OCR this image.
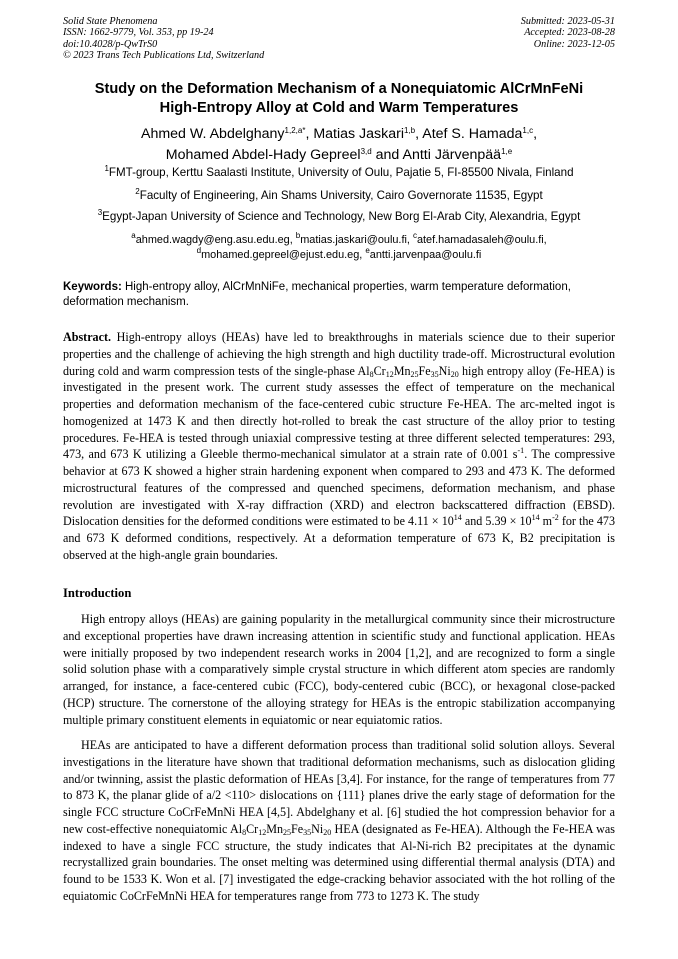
Solid State Phenomena
ISSN: 1662-9779, Vol. 353, pp 19-24
doi:10.4028/p-QwTrS0
© 2023 Trans Tech Publications Ltd, Switzerland
Submitted: 2023-05-31
Accepted: 2023-08-28
Online: 2023-12-05
Study on the Deformation Mechanism of a Nonequiatomic AlCrMnFeNi
High-Entropy Alloy at Cold and Warm Temperatures
Ahmed W. Abdelghany$^{1,2,a*}$, Matias Jaskari$^{1,b}$, Atef S. Hamada$^{1,c}$,
Mohamed Abdel-Hady Gepreel$^{3,d}$ and Antti Järvenpää$^{1,e}$
$^1$FMT-group, Kerttu Saalasti Institute, University of Oulu, Pajatie 5, FI-85500 Nivala, Finland
$^2$Faculty of Engineering, Ain Shams University, Cairo Governorate 11535, Egypt
$^3$Egypt-Japan University of Science and Technology, New Borg El-Arab City, Alexandria, Egypt
$^a$ahmed.wagdy@eng.asu.edu.eg, $^b$matias.jaskari@oulu.fi, $^c$atef.hamadasaleh@oulu.fi,
$^d$mohamed.gepreel@ejust.edu.eg, $^e$antti.jarvenpaa@oulu.fi
Keywords: High-entropy alloy, AlCrMnNiFe, mechanical properties, warm temperature deformation, deformation mechanism.
Abstract. High-entropy alloys (HEAs) have led to breakthroughs in materials science due to their superior properties and the challenge of achieving the high strength and high ductility trade-off. Microstructural evolution during cold and warm compression tests of the single-phase $Al_8Cr_{12}Mn_{25}Fe_{35}Ni_{20}$ high entropy alloy (Fe-HEA) is investigated in the present work. The current study assesses the effect of temperature on the mechanical properties and deformation mechanism of the face-centered cubic structure Fe-HEA. The arc-melted ingot is homogenized at 1473 K and then directly hot-rolled to break the cast structure of the alloy prior to testing procedures. Fe-HEA is tested through uniaxial compressive testing at three different selected temperatures: 293, 473, and 673 K utilizing a Gleeble thermo-mechanical simulator at a strain rate of 0.001 $s^{-1}$. The compressive behavior at 673 K showed a higher strain hardening exponent when compared to 293 and 473 K. The deformed microstructural features of the compressed and quenched specimens, deformation mechanism, and phase revolution are investigated with X-ray diffraction (XRD) and electron backscattered diffraction (EBSD). Dislocation densities for the deformed conditions were estimated to be $4.11 \times 10^{14}$ and $5.39 \times 10^{14}$ $m^{-2}$ for the 473 and 673 K deformed conditions, respectively. At a deformation temperature of 673 K, B2 precipitation is observed at the high-angle grain boundaries.
Introduction
High entropy alloys (HEAs) are gaining popularity in the metallurgical community since their microstructure and exceptional properties have drawn increasing attention in scientific study and functional application. HEAs were initially proposed by two independent research works in 2004 [1,2], and are recognized to form a single solid solution phase with a comparatively simple crystal structure in which different atom species are randomly arranged, for instance, a face-centered cubic (FCC), body-centered cubic (BCC), or hexagonal close-packed (HCP) structure. The cornerstone of the alloying strategy for HEAs is the entropic stabilization accompanying multiple primary constituent elements in equiatomic or near equiatomic ratios.
HEAs are anticipated to have a different deformation process than traditional solid solution alloys. Several investigations in the literature have shown that traditional deformation mechanisms, such as dislocation gliding and/or twinning, assist the plastic deformation of HEAs [3,4]. For instance, for the range of temperatures from 77 to 873 K, the planar glide of a/2 <110> dislocations on {111} planes drive the early stage of deformation for the single FCC structure CoCrFeMnNi HEA [4,5]. Abdelghany et al. [6] studied the hot compression behavior for a new cost-effective nonequiatomic $Al_8Cr_{12}Mn_{25}Fe_{35}Ni_{20}$ HEA (designated as Fe-HEA). Although the Fe-HEA was indexed to have a single FCC structure, the study indicates that Al-Ni-rich B2 precipitates at the dynamic recrystallized grain boundaries. The onset melting was determined using differential thermal analysis (DTA) and found to be 1533 K. Won et al. [7] investigated the edge-cracking behavior associated with the hot rolling of the equiatomic CoCrFeMnNi HEA for temperatures range from 773 to 1273 K. The study
